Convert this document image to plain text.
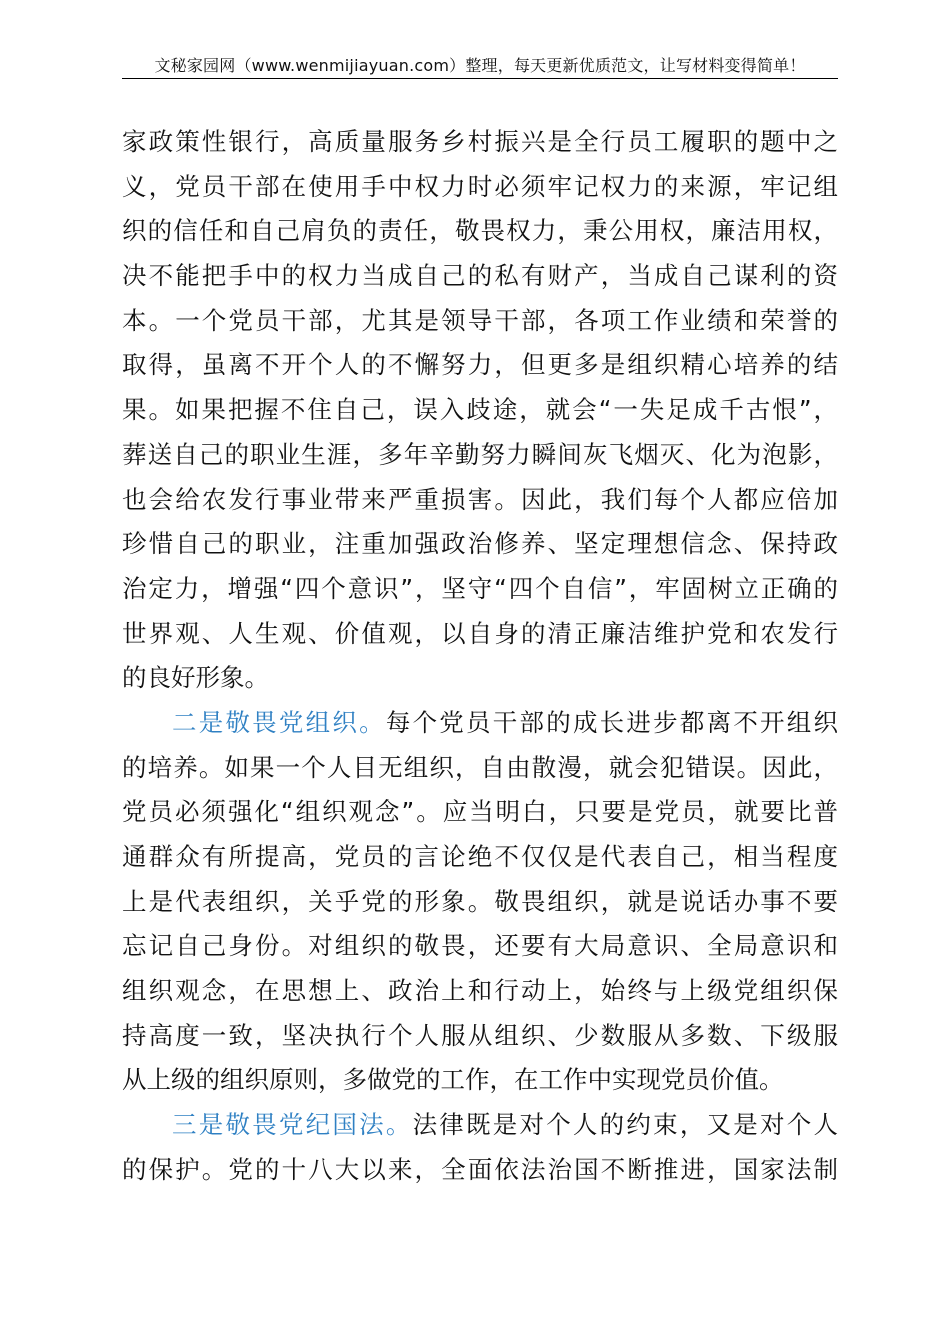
文秘家园网（www.wenmijiayuan.com）整理，每天更新优质范文，让写材料变得简单！
家政策性银行，高质量服务乡村振兴是全行员工履职的题中之
义，党员干部在使用手中权力时必须牢记权力的来源，牢记组
织的信任和自己肩负的责任，敬畏权力，秉公用权，廉洁用权，
决不能把手中的权力当成自己的私有财产，当成自己谋利的资
本。一个党员干部，尤其是领导干部，各项工作业绩和荣誉的
取得，虽离不开个人的不懈努力，但更多是组织精心培养的结
果。如果把握不住自己，误入歧途，就会“一失足成千古恨”，
葬送自己的职业生涯，多年辛勤努力瞬间灰飞烟灭、化为泡影，
也会给农发行事业带来严重损害。因此，我们每个人都应倍加
珍惜自己的职业，注重加强政治修养、坚定理想信念、保持政
治定力，增强“四个意识”，坚守“四个自信”，牢固树立正确的
世界观、人生观、价值观，以自身的清正廉洁维护党和农发行
的良好形象。
二是敬畏党组织。每个党员干部的成长进步都离不开组织
的培养。如果一个人目无组织，自由散漫，就会犯错误。因此，
党员必须强化“组织观念”。应当明白，只要是党员，就要比普
通群众有所提高，党员的言论绝不仅仅是代表自己，相当程度
上是代表组织，关乎党的形象。敬畏组织，就是说话办事不要
忘记自己身份。对组织的敬畏，还要有大局意识、全局意识和
组织观念，在思想上、政治上和行动上，始终与上级党组织保
持高度一致，坚决执行个人服从组织、少数服从多数、下级服
从上级的组织原则，多做党的工作，在工作中实现党员价值。
三是敬畏党纪国法。法律既是对个人的约束，又是对个人
的保护。党的十八大以来，全面依法治国不断推进，国家法制
